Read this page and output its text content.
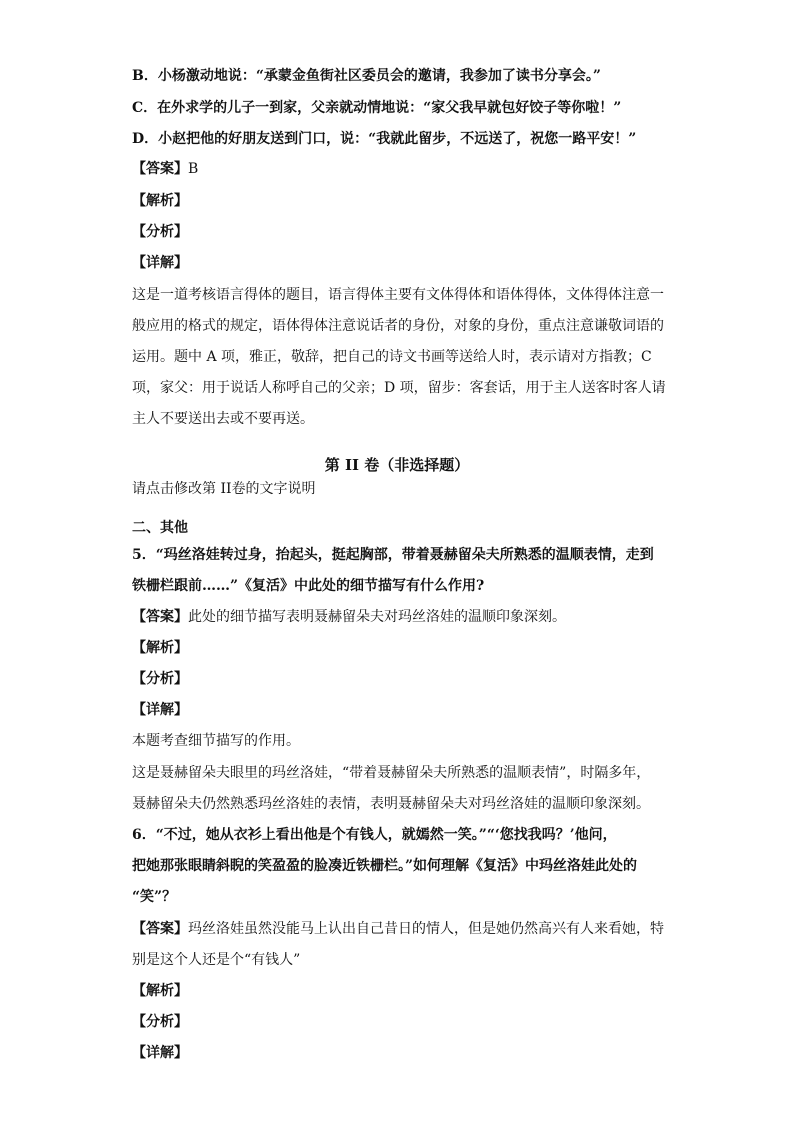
B．小杨激动地说：“承蒙金鱼街社区委员会的邀请，我参加了读书分享会。”
C．在外求学的儿子一到家，父亲就动情地说：“家父我早就包好饺子等你啦！”
D．小赵把他的好朋友送到门口，说：“我就此留步，不远送了，祝您一路平安！”
【答案】B
【解析】
【分析】
【详解】
这是一道考核语言得体的题目，语言得体主要有文体得体和语体得体，文体得体注意一
般应用的格式的规定，语体得体注意说话者的身份，对象的身份，重点注意谦敬词语的
运用。题中 A 项，雅正，敬辞，把自己的诗文书画等送给人时，表示请对方指教；C
项，家父：用于说话人称呼自己的父亲；D 项，留步：客套话，用于主人送客时客人请
主人不要送出去或不要再送。
第 II 卷（非选择题）
请点击修改第 II卷的文字说明
二、其他
5．“玛丝洛娃转过身，抬起头，挺起胸部，带着聂赫留朵夫所熟悉的温顺表情，走到
铁栅栏跟前……”《复活》中此处的细节描写有什么作用?
【答案】此处的细节描写表明聂赫留朵夫对玛丝洛娃的温顺印象深刻。
【解析】
【分析】
【详解】
本题考查细节描写的作用。
这是聂赫留朵夫眼里的玛丝洛娃，“带着聂赫留朵夫所熟悉的温顺表情”，时隔多年，
聂赫留朵夫仍然熟悉玛丝洛娃的表情，表明聂赫留朵夫对玛丝洛娃的温顺印象深刻。
6．“不过，她从衣衫上看出他是个有钱人，就嫣然一笑。”“‘您找我吗？’他问，
把她那张眼睛斜睨的笑盈盈的脸凑近铁栅栏。”如何理解《复活》中玛丝洛娃此处的
“笑”？
【答案】玛丝洛娃虽然没能马上认出自己昔日的情人，但是她仍然高兴有人来看她，特
别是这个人还是个“有钱人”
【解析】
【分析】
【详解】
